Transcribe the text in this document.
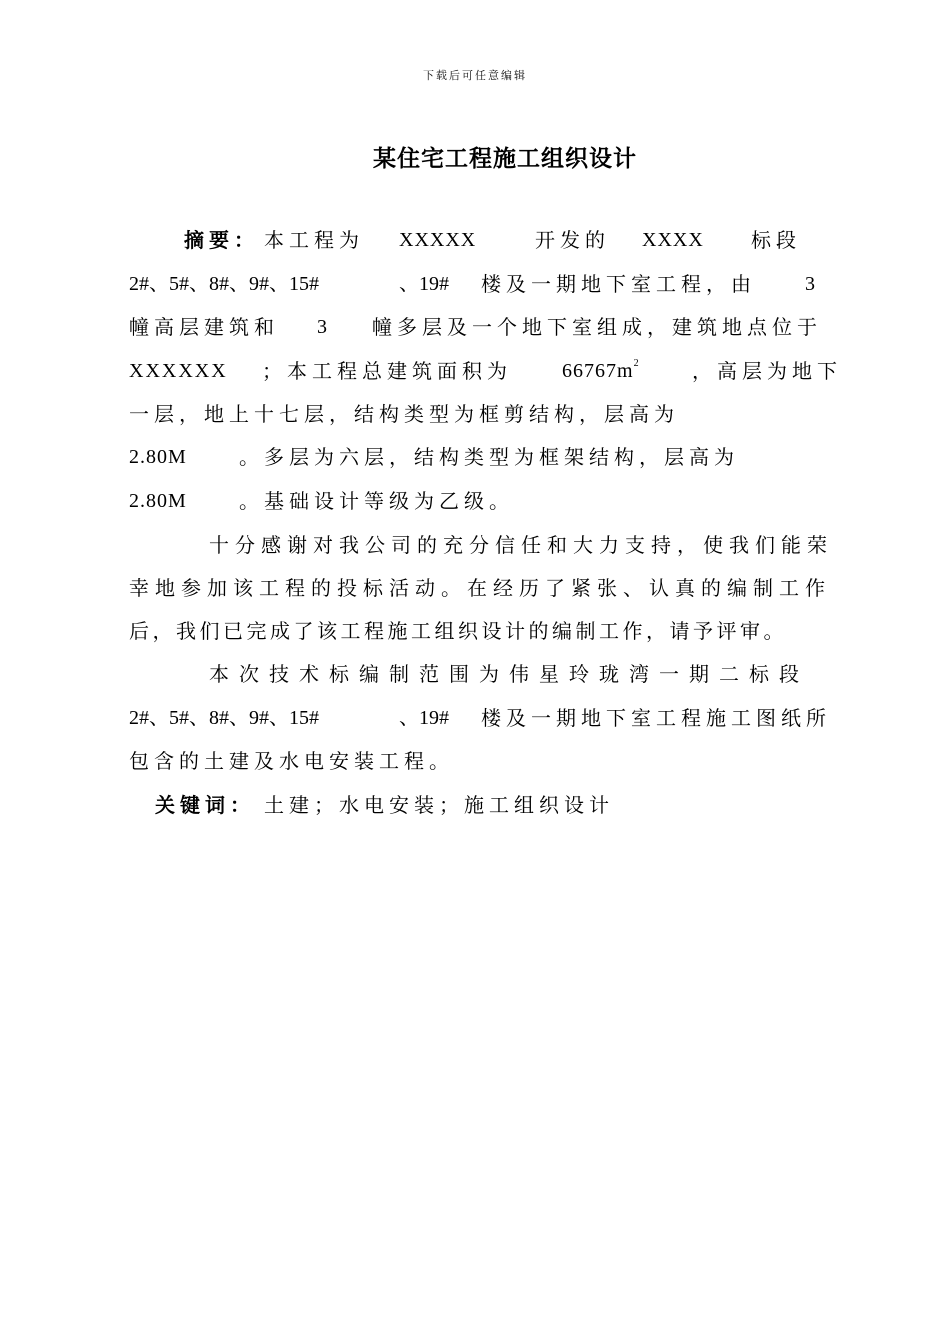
下载后可任意编辑
某住宅工程施工组织设计
摘要： 本工程为 XXXXX	开发的 XXXX 标段
2#、5#、8#、9#、15#	、19# 楼及一期地下室工程，由 3
幢高层建筑和 3 幢多层及一个地下室组成，建筑地点位于
XXXXXX ；本工程总建筑面积为	$66767m^2$	，高层为地下
一层，地上十七层，结构类型为框剪结构，层高为
2.80M	。多层为六层，结构类型为框架结构，层高为
2.80M	。基础设计等级为乙级。
十分感谢对我公司的充分信任和大力支持，使我们能荣
幸地参加该工程的投标活动。在经历了紧张、认真的编制工作
后，我们已完成了该工程施工组织设计的编制工作，请予评审。
本次技术标编制范围为伟星玲珑湾一期二标段
2#、5#、8#、9#、15#	、19# 楼及一期地下室工程施工图纸所
包含的土建及水电安装工程。
关键词： 土建；水电安装；施工组织设计
